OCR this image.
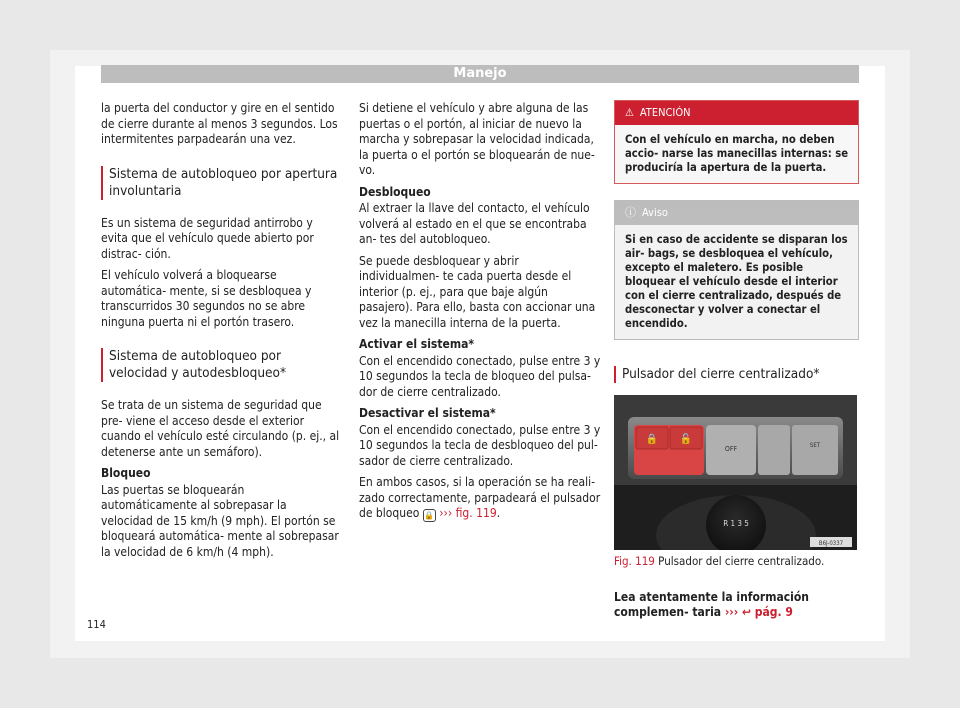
Manejo

la puerta del conductor y gire en el sentido de cierre durante al menos 3 segundos. Los intermitentes parpadearán una vez.

Sistema de autobloqueo por apertura involuntaria

Es un sistema de seguridad antirrobo y evita que el vehículo quede abierto por distrac- ción.

El vehículo volverá a bloquearse automática- mente, si se desbloquea y transcurridos 30 segundos no se abre ninguna puerta ni el portón trasero.

Sistema de autobloqueo por velocidad y autodesbloqueo*

Se trata de un sistema de seguridad que pre- viene el acceso desde el exterior cuando el vehículo esté circulando (p. ej., al detenerse ante un semáforo).

Bloqueo

Las puertas se bloquearán automáticamente al sobrepasar la velocidad de 15 km/h (9 mph). El portón se bloqueará automática- mente al sobrepasar la velocidad de 6 km/h (4 mph).

Si detiene el vehículo y abre alguna de las puertas o el portón, al iniciar de nuevo la marcha y sobrepasar la velocidad indicada, la puerta o el portón se bloquearán de nue- vo.

Desbloqueo

Al extraer la llave del contacto, el vehículo volverá al estado en el que se encontraba an- tes del autobloqueo.

Se puede desbloquear y abrir individualmen- te cada puerta desde el interior (p. ej., para que baje algún pasajero). Para ello, basta con accionar una vez la manecilla interna de la puerta.

Activar el sistema*

Con el encendido conectado, pulse entre 3 y 10 segundos la tecla de bloqueo del pulsa- dor de cierre centralizado.

Desactivar el sistema*

Con el encendido conectado, pulse entre 3 y 10 segundos la tecla de desbloqueo del pul- sador de cierre centralizado.

En ambos casos, si la operación se ha reali- zado correctamente, parpadeará el pulsador de bloqueo 🔒 ››› fig. 119.

⚠ ATENCIÓN
Con el vehículo en marcha, no deben accio- narse las manecillas internas: se produciría la apertura de la puerta.
ⓘ Aviso
Si en caso de accidente se disparan los air- bags, se desbloquea el vehículo, excepto el maletero. Es posible bloquear el vehículo desde el interior con el cierre centralizado, después de desconectar y volver a conectar el encendido.
Pulsador del cierre centralizado*
🔒 🔓
OFF	SET
R 1 3 5
B6J-0337
Fig. 119 Pulsador del cierre centralizado.
Lea atentamente la información complemen- taria ››› ↩ pág. 9
114
